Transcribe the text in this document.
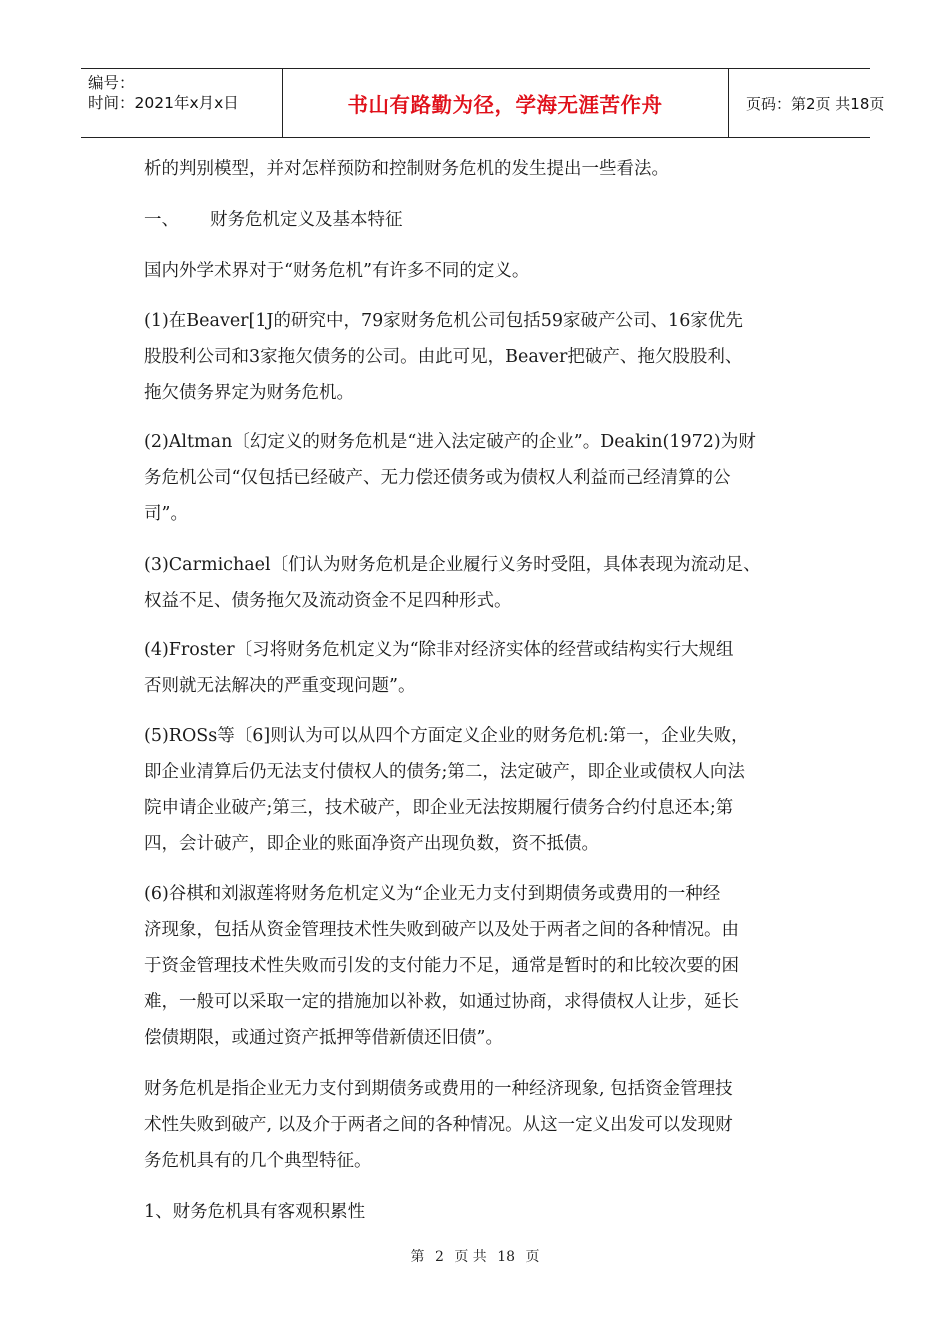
编号：
时间：2021年x月x日	书山有路勤为径，学海无涯苦作舟	页码：第2页 共18页
析的判别模型，并对怎样预防和控制财务危机的发生提出一些看法。
一、 财务危机定义及基本特征
国内外学术界对于“财务危机”有许多不同的定义。
(1)在Beaver[1J的研究中，79家财务危机公司包括59家破产公司、16家优先
股股利公司和3家拖欠债务的公司。由此可见，Beaver把破产、拖欠股股利、
拖欠债务界定为财务危机。
(2)Altman〔幻定义的财务危机是“进入法定破产的企业”。Deakin(1972)为财
务危机公司“仅包括已经破产、无力偿还债务或为债权人利益而己经清算的公
司”。
(3)Carmichael〔们认为财务危机是企业履行义务时受阻，具体表现为流动足、
权益不足、债务拖欠及流动资金不足四种形式。
(4)Froster〔习将财务危机定义为“除非对经济实体的经营或结构实行大规组
否则就无法解决的严重变现问题”。
(5)ROSs等〔6]则认为可以从四个方面定义企业的财务危机:第一，企业失败，
即企业清算后仍无法支付债权人的债务;第二，法定破产，即企业或债权人向法
院申请企业破产;第三，技术破产，即企业无法按期履行债务合约付息还本;第
四，会计破产，即企业的账面净资产出现负数，资不抵债。
(6)谷棋和刘淑莲将财务危机定义为“企业无力支付到期债务或费用的一种经
济现象，包括从资金管理技术性失败到破产以及处于两者之间的各种情况。由
于资金管理技术性失败而引发的支付能力不足，通常是暂时的和比较次要的困
难，一般可以采取一定的措施加以补救，如通过协商，求得债权人让步，延长
偿债期限，或通过资产抵押等借新债还旧债”。
财务危机是指企业无力支付到期债务或费用的一种经济现象, 包括资金管理技
术性失败到破产, 以及介于两者之间的各种情况。从这一定义出发可以发现财
务危机具有的几个典型特征。
1、财务危机具有客观积累性
第 2 页 共 18 页
